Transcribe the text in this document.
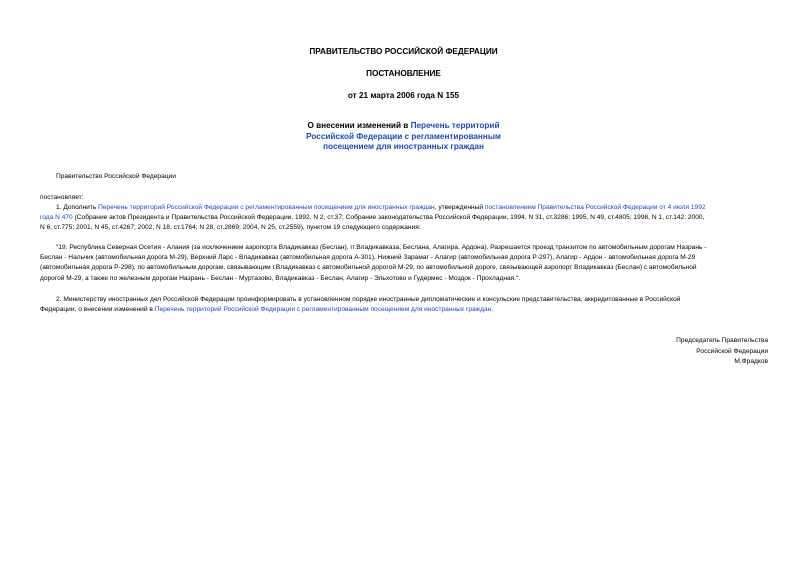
ПРАВИТЕЛЬСТВО РОССИЙСКОЙ ФЕДЕРАЦИИ
ПОСТАНОВЛЕНИЕ
от 21 марта 2006 года N 155
О внесении изменений в Перечень территорий
Российской Федерации с регламентированным
посещением для иностранных граждан
Правительство Российской Федерации
постановляет:
1. Дополнить Перечень территорий Российской Федерации с регламентированным посещением для иностранных граждан, утвержденный постановлением Правительства Российской Федерации от 4 июля 1992
года N 470 (Собрание актов Президента и Правительства Российской Федерации, 1992, N 2, ст.37; Собрание законодательства Российской Федерации, 1994, N 31, ст.3286; 1995, N 49, ст.4805; 1998, N 1, ст.142; 2000,
N 6, ст.775; 2001, N 45, ст.4267; 2002, N 18, ст.1764; N 28, ст.2869; 2004, N 25, ст.2559), пунктом 19 следующего содержания:
"19. Республика Северная Осетия - Алания (за исключением аэропорта Владикавказ (Беслан), гг.Владикавказа, Беслана, Алагира, Ардона). Разрешается проезд транзитом по автомобильным дорогам Назрань -
Беслан - Нальчик (автомобильная дорога М-29), Верхний Ларс - Владикавказ (автомобильная дорога А-301), Нижний Зарамаг - Алагир (автомобильная дорога Р-297), Алагир - Ардон - автомобильная дорога М-29
(автомобильная дорога Р-298), по автомобильным дорогам, связывающим г.Владикавказ с автомобильной дорогой М-29, по автомобильной дороге, связывающей аэропорт Владикавказ (Беслан) с автомобильной
дорогой М-29, а также по железным дорогам Назрань - Беслан - Муртазово, Владикавказ - Беслан, Алагир - Эльхотово и Гудермес - Моздок - Прохладная.".
2. Министерству иностранных дел Российской Федерации проинформировать в установленном порядке иностранные дипломатические и консульские представительства, аккредитованные в Российской
Федерации, о внесении изменений в Перечень территорий Российской Федерации с регламентированным посещением для иностранных граждан.
Председатель Правительства
Российской Федерации
М.Фрадков
